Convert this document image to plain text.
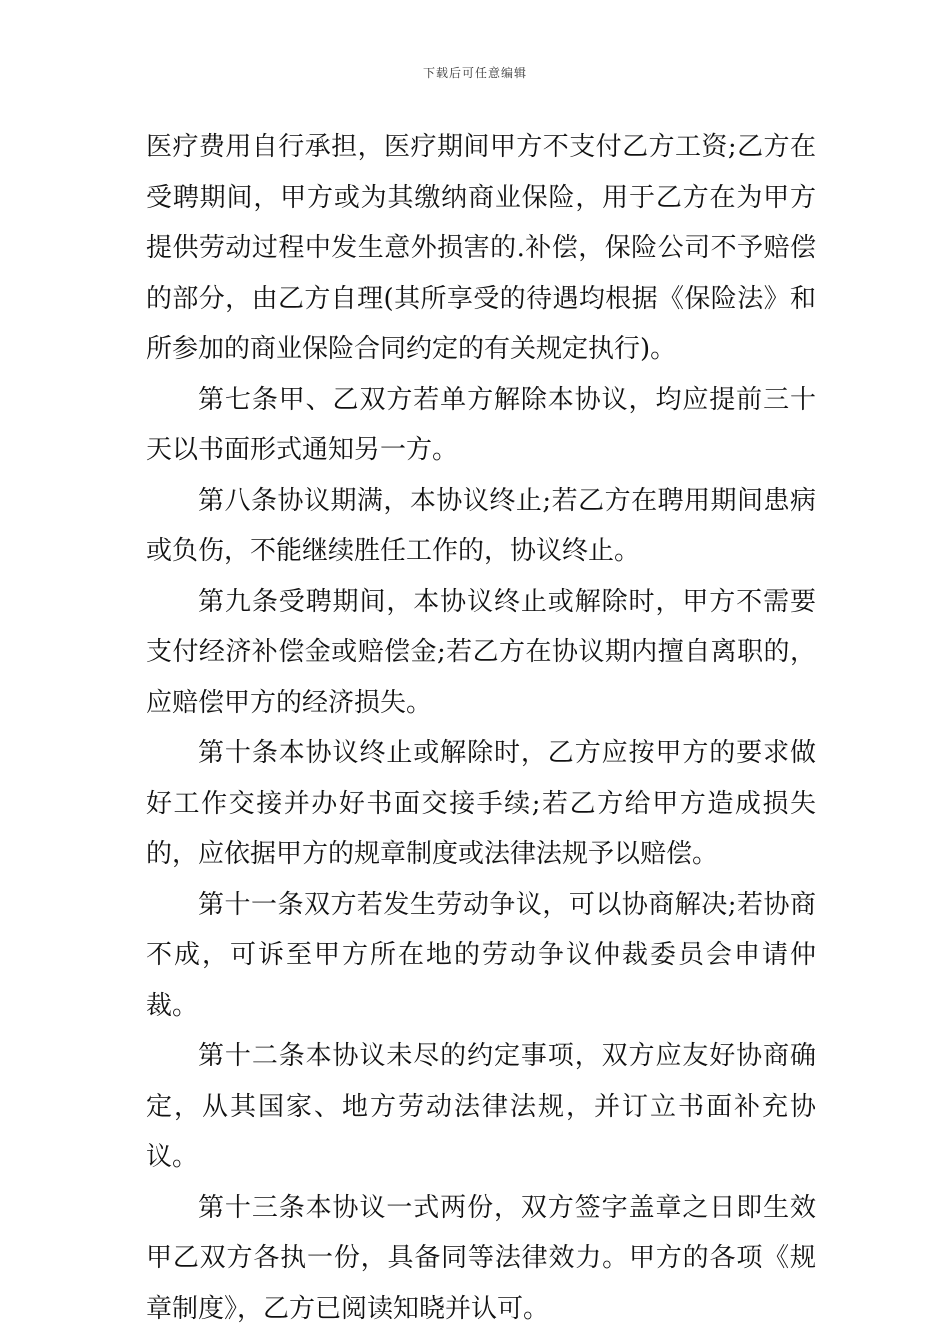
下载后可任意编辑

医疗费用自行承担，医疗期间甲方不支付乙方工资;乙方在受聘期间，甲方或为其缴纳商业保险，用于乙方在为甲方提供劳动过程中发生意外损害的.补偿，保险公司不予赔偿的部分，由乙方自理(其所享受的待遇均根据《保险法》和所参加的商业保险合同约定的有关规定执行)。

第七条甲、乙双方若单方解除本协议，均应提前三十天以书面形式通知另一方。

第八条协议期满，本协议终止;若乙方在聘用期间患病或负伤，不能继续胜任工作的，协议终止。

第九条受聘期间，本协议终止或解除时，甲方不需要支付经济补偿金或赔偿金;若乙方在协议期内擅自离职的，应赔偿甲方的经济损失。

第十条本协议终止或解除时，乙方应按甲方的要求做好工作交接并办好书面交接手续;若乙方给甲方造成损失的，应依据甲方的规章制度或法律法规予以赔偿。

第十一条双方若发生劳动争议，可以协商解决;若协商不成，可诉至甲方所在地的劳动争议仲裁委员会申请仲裁。

第十二条本协议未尽的约定事项，双方应友好协商确定，从其国家、地方劳动法律法规，并订立书面补充协议。

第十三条本协议一式两份，双方签字盖章之日即生效甲乙双方各执一份，具备同等法律效力。甲方的各项《规章制度》，乙方已阅读知晓并认可。
